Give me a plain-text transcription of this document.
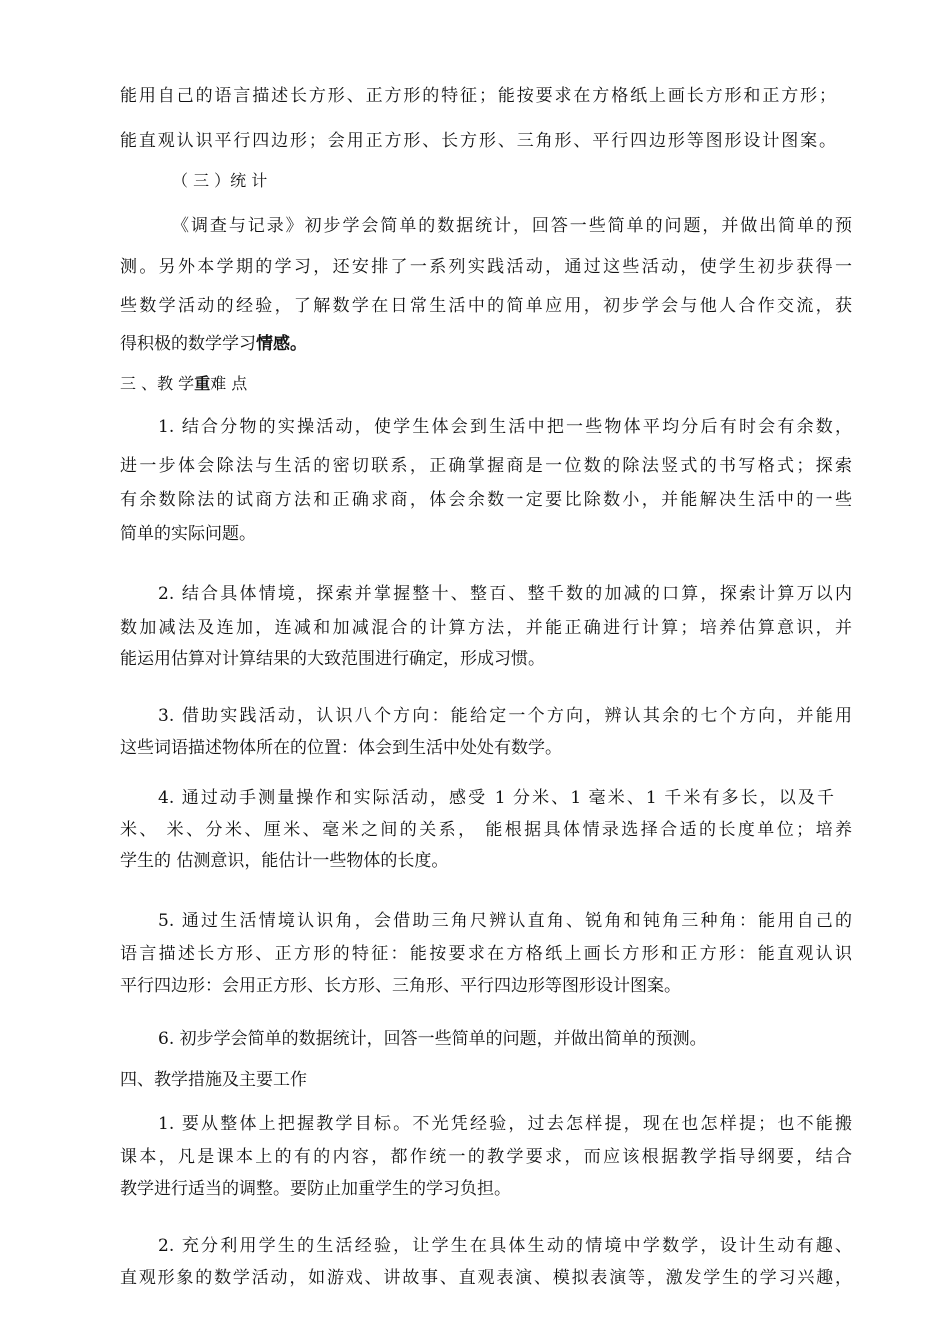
能用自己的语言描述长方形、正方形的特征；能按要求在方格纸上画长方形和正方形；
能直观认识平行四边形；会用正方形、长方形、三角形、平行四边形等图形设计图案。
（ 三 ）统 计
《调查与记录》初步学会简单的数据统计，回答一些简单的问题，并做出简单的预
测。另外本学期的学习，还安排了一系列实践活动，通过这些活动，使学生初步获得一
些数学活动的经验，了解数学在日常生活中的简单应用，初步学会与他人合作交流，获
得积极的数学学习情感。
三 、教 学重难 点
1. 结合分物的实操活动，使学生体会到生活中把一些物体平均分后有时会有余数，
进一步体会除法与生活的密切联系，正确掌握商是一位数的除法竖式的书写格式；探索
有余数除法的试商方法和正确求商，体会余数一定要比除数小，并能解决生活中的一些
简单的实际问题。
2. 结合具体情境，探索并掌握整十、整百、整千数的加减的口算，探索计算万以内
数加减法及连加，连减和加减混合的计算方法，并能正确进行计算；培养估算意识，并
能运用估算对计算结果的大致范围进行确定，形成习惯。
3. 借助实践活动，认识八个方向：能给定一个方向，辨认其余的七个方向，并能用
这些词语描述物体所在的位置：体会到生活中处处有数学。
4. 通过动手测量操作和实际活动，感受 1 分米、1 毫米、1 千米有多长，以及千
米、 米、分米、厘米、毫米之间的关系， 能根据具体情录选择合适的长度单位；培养
学生的 估测意识，能估计一些物体的长度。
5. 通过生活情境认识角，会借助三角尺辨认直角、锐角和钝角三种角：能用自己的
语言描述长方形、正方形的特征：能按要求在方格纸上画长方形和正方形：能直观认识
平行四边形：会用正方形、长方形、三角形、平行四边形等图形设计图案。
6. 初步学会简单的数据统计，回答一些简单的问题，并做出简单的预测。
四、教学措施及主要工作
1. 要从整体上把握教学目标。不光凭经验，过去怎样提，现在也怎样提；也不能搬
课本，凡是课本上的有的内容，都作统一的教学要求，而应该根据教学指导纲要，结合
教学进行适当的调整。要防止加重学生的学习负担。
2. 充分利用学生的生活经验，让学生在具体生动的情境中学数学，设计生动有趣、
直观形象的数学活动，如游戏、讲故事、直观表演、模拟表演等，激发学生的学习兴趣，
